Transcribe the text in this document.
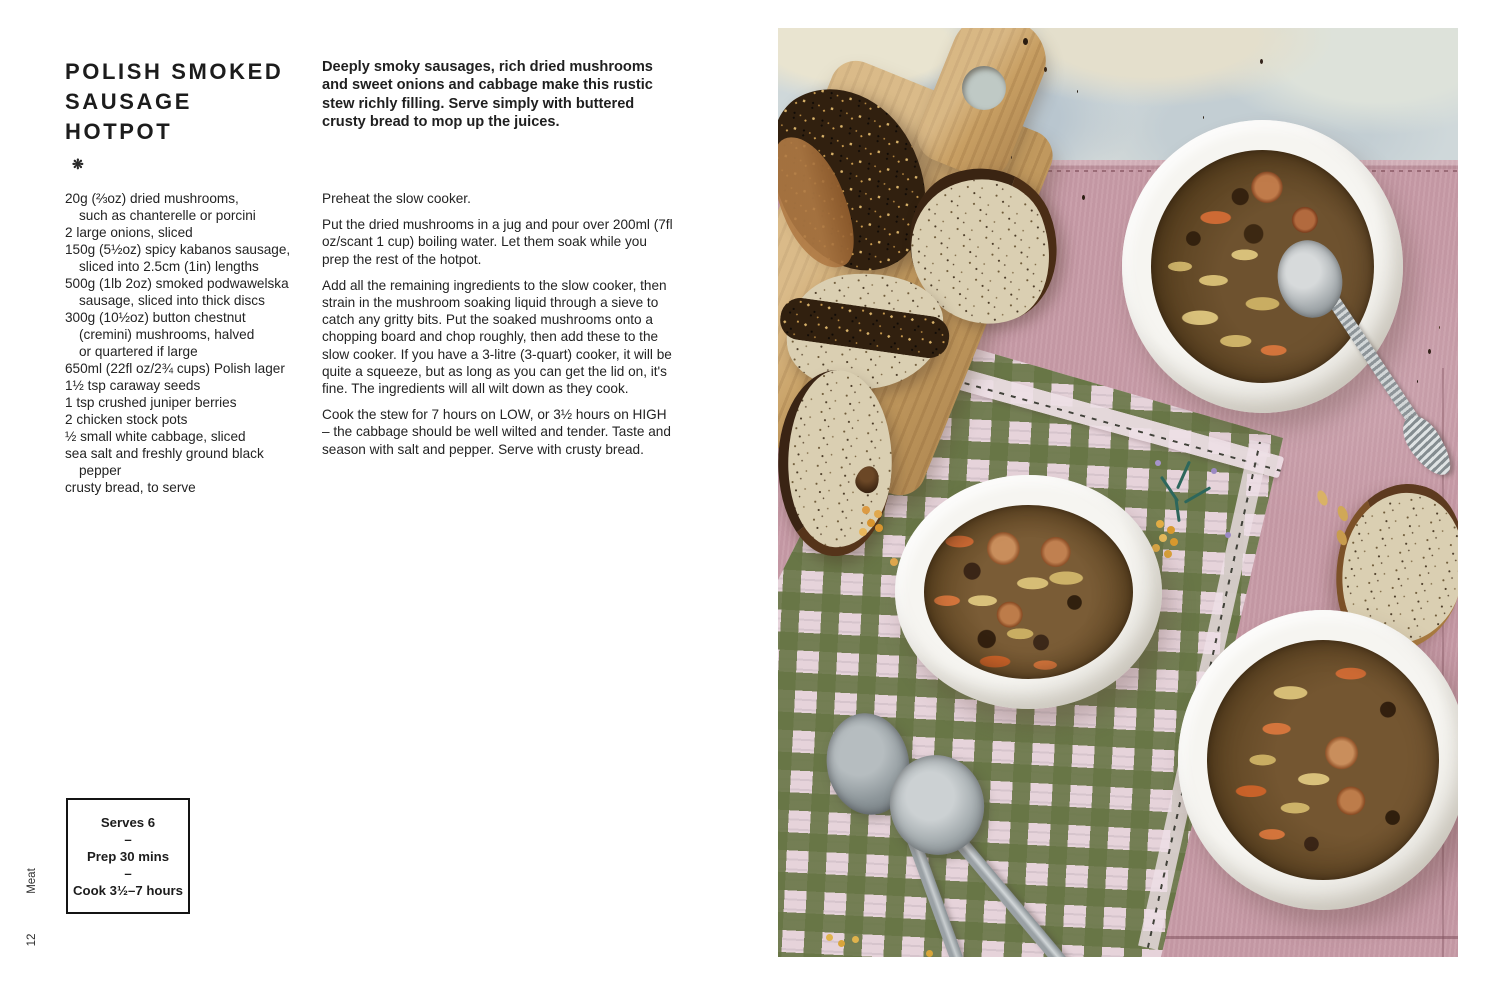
Meat
12
POLISH SMOKED
SAUSAGE
HOTPOT
❋

Deeply smoky sausages, rich dried mushrooms and sweet onions and cabbage make this rustic stew richly filling. Serve simply with buttered crusty bread to mop up the juices.

20g (⅔oz) dried mushrooms,
such as chanterelle or porcini
2 large onions, sliced
150g (5½oz) spicy kabanos sausage,
sliced into 2.5cm (1in) lengths
500g (1lb 2oz) smoked podwawelska
sausage, sliced into thick discs
300g (10½oz) button chestnut
(cremini) mushrooms, halved
or quartered if large
650ml (22fl oz/2¾ cups) Polish lager
1½ tsp caraway seeds
1 tsp crushed juniper berries
2 chicken stock pots
½ small white cabbage, sliced
sea salt and freshly ground black
pepper
crusty bread, to serve

Preheat the slow cooker.

Put the dried mushrooms in a jug and pour over 200ml (7fl oz/scant 1 cup) boiling water. Let them soak while you prep the rest of the hotpot.

Add all the remaining ingredients to the slow cooker, then strain in the mushroom soaking liquid through a sieve to catch any gritty bits. Put the soaked mushrooms onto a chopping board and chop roughly, then add these to the slow cooker. If you have a 3-litre (3-quart) cooker, it will be quite a squeeze, but as long as you can get the lid on, it's fine. The ingredients will all wilt down as they cook.

Cook the stew for 7 hours on LOW, or 3½ hours on HIGH – the cabbage should be well wilted and tender. Taste and season with salt and pepper. Serve with crusty bread.

Serves 6
–
Prep 30 mins
–
Cook 3½–7 hours
